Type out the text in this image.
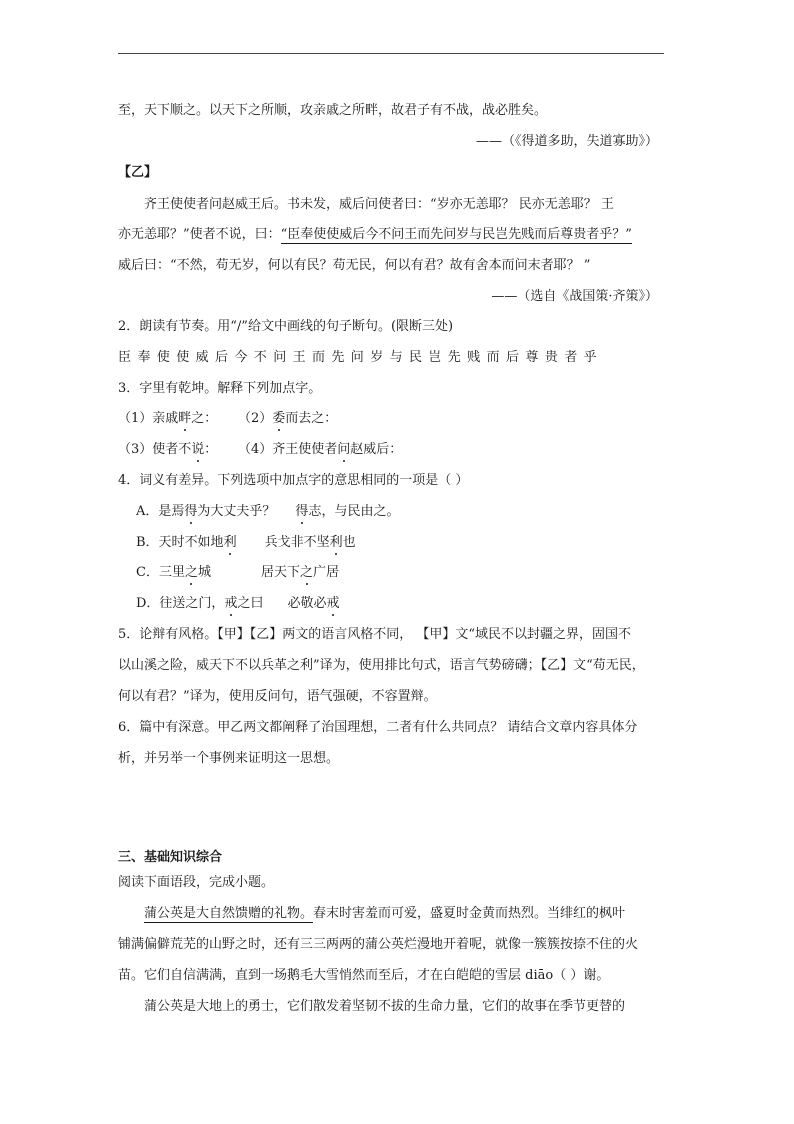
至，天下顺之。以天下之所顺，攻亲戚之所畔，故君子有不战，战必胜矣。
——（《得道多助，失道寡助》）
【乙】
齐王使使者问赵威王后。书未发，威后问使者曰：“岁亦无恙耶？ 民亦无恙耶？ 王
亦无恙耶？”使者不说，曰：“臣奉使使威后今不问王而先问岁与民岂先贱而后尊贵者乎？”
威后曰：“不然，苟无岁，何以有民？苟无民，何以有君？故有舍本而问末者耶？ ”
——（选自《战国策·齐策》）
2．朗读有节奏。用“/”给文中画线的句子断句。(限断三处)
臣奉使使威后今不问王而先问岁与民岂先贱而后尊贵者乎
3．字里有乾坤。解释下列加点字。
（1）亲戚畔之： （2）委而去之：
（3）使者不说： （4）齐王使使者问赵威后：
4．词义有差异。下列选项中加点字的意思相同的一项是（ ）
A．是焉得为大丈夫乎？ 得志，与民由之。
B．天时不如地利 兵戈非不坚利也
C．三里之城	居天下之广居
D．往送之门，戒之曰 必敬必戒
5．论辩有风格。【甲】【乙】两文的语言风格不同， 【甲】文“域民不以封疆之界，固国不
以山溪之险，威天下不以兵革之利”译为，使用排比句式，语言气势磅礴；【乙】文“苟无民，
何以有君？”译为，使用反问句，语气强硬，不容置辩。
6．篇中有深意。甲乙两文都阐释了治国理想，二者有什么共同点？ 请结合文章内容具体分
析，并另举一个事例来证明这一思想。
三、基础知识综合
阅读下面语段，完成小题。
蒲公英是大自然馈赠的礼物。春末时害羞而可爱，盛夏时金黄而热烈。当绯红的枫叶
铺满偏僻荒芜的山野之时，还有三三两两的蒲公英烂漫地开着呢，就像一簇簇按捺不住的火
苗。它们自信满满，直到一场鹅毛大雪悄然而至后，才在白皑皑的雪层 diāo（ ）谢。
蒲公英是大地上的勇士，它们散发着坚韧不拔的生命力量，它们的故事在季节更替的
